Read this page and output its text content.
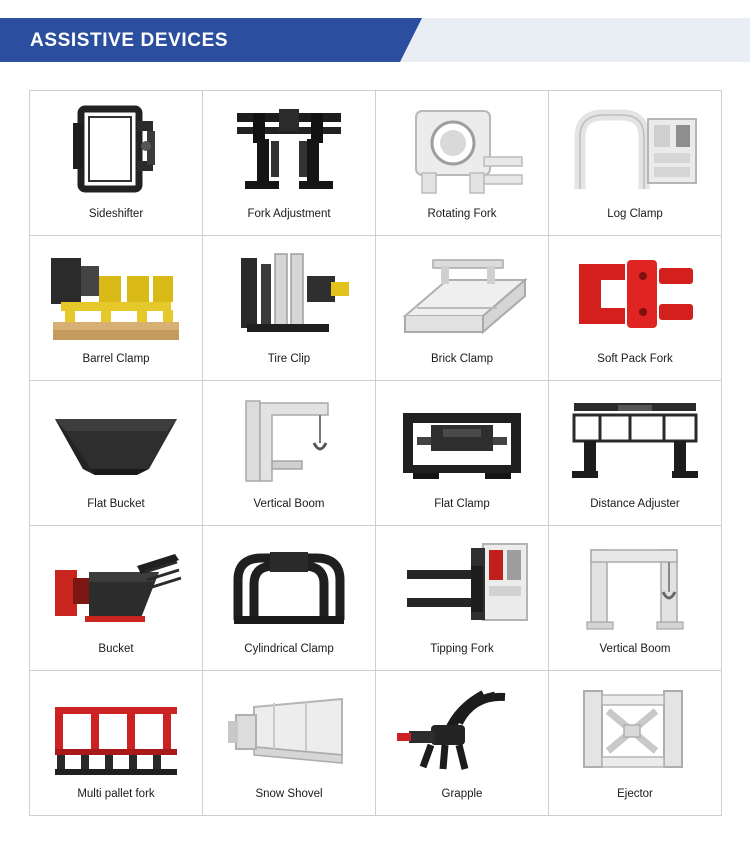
ASSISTIVE DEVICES
Sideshifter	Fork Adjustment	Rotating Fork	Log Clamp
Barrel Clamp	Tire Clip	Brick Clamp	Soft Pack Fork
Flat Bucket	Vertical Boom	Flat Clamp	Distance Adjuster
Bucket	Cylindrical Clamp	Tipping Fork	Vertical Boom
Multi pallet fork	Snow Shovel	Grapple	Ejector
